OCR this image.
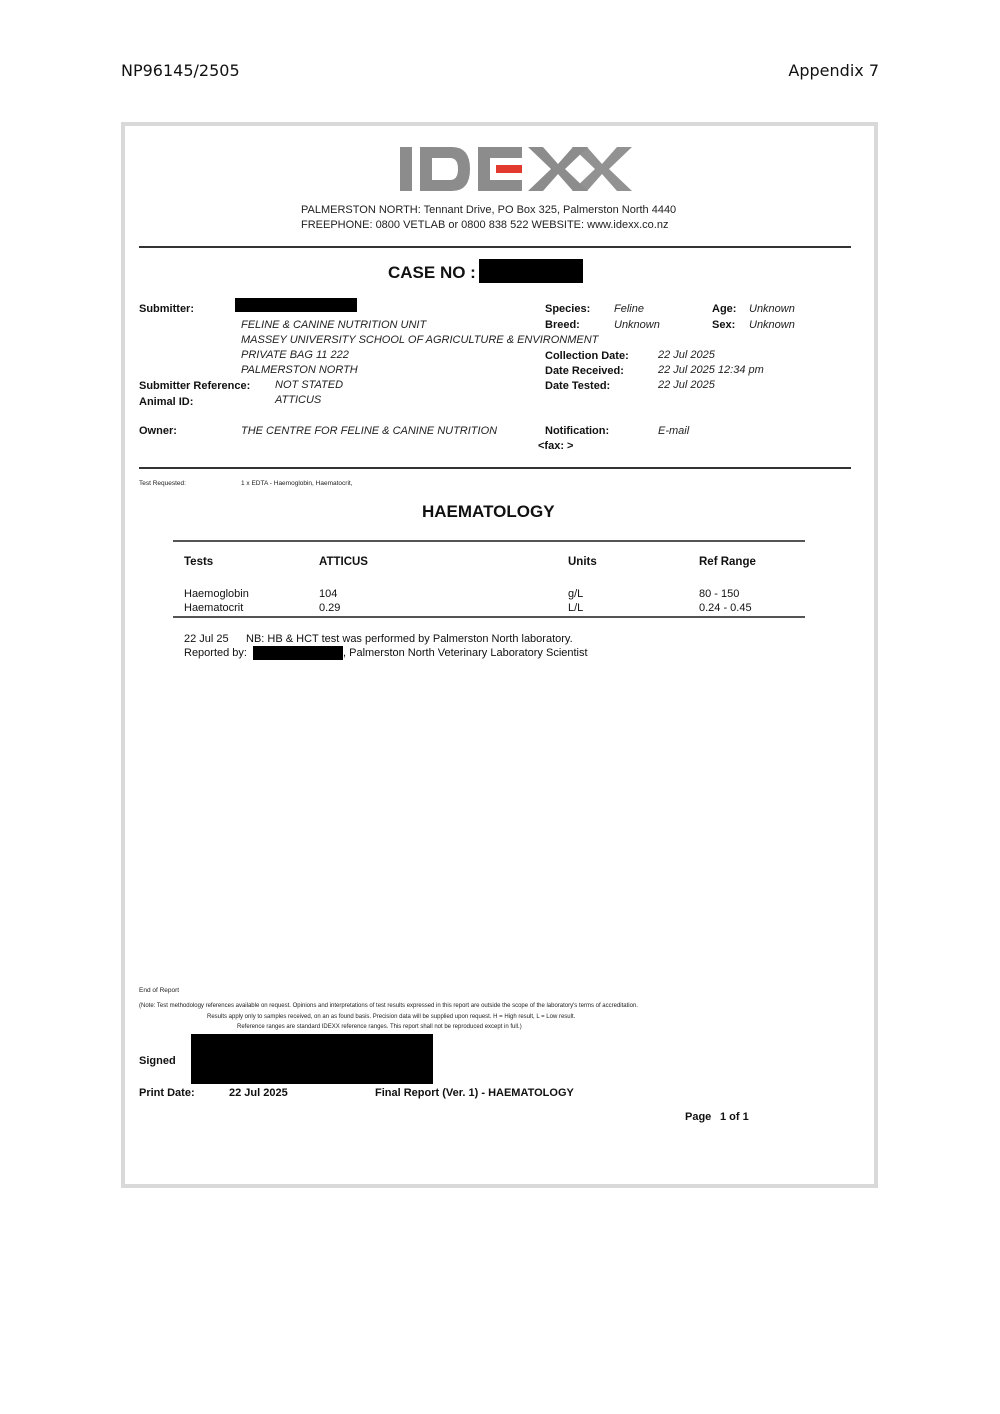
NP96145/2505	Appendix 7
PALMERSTON NORTH: Tennant Drive, PO Box 325, Palmerston North 4440
FREEPHONE: 0800 VETLAB or 0800 838 522 WEBSITE: www.idexx.co.nz
CASE NO :
Submitter:
FELINE & CANINE NUTRITION UNIT
MASSEY UNIVERSITY SCHOOL OF AGRICULTURE & ENVIRONMENT
PRIVATE BAG 11 222
PALMERSTON NORTH
Submitter Reference: NOT STATED
Animal ID:	ATTICUS
Owner:	THE CENTRE FOR FELINE & CANINE NUTRITION
Species: Feline
Breed:	Unknown
Age: Unknown
Sex: Unknown
Collection Date:	22 Jul 2025
Date Received:	22 Jul 2025 12:34 pm
Date Tested:	22 Jul 2025
Notification:	E-mail
<fax: >
Test Requested:	1 x EDTA - Haemoglobin, Haematocrit,
HAEMATOLOGY
Tests	ATTICUS	Units	Ref Range
Haemoglobin	104	g/L	80 - 150
Haematocrit	0.29	L/L	0.24 - 0.45
22 Jul 25 NB: HB & HCT test was performed by Palmerston North laboratory.
Reported by:	, Palmerston North Veterinary Laboratory Scientist
End of Report
(Note: Test methodology references available on request. Opinions and interpretations of test results expressed in this report are outside the scope of the laboratory's terms of accreditation.
Results apply only to samples received, on an as found basis. Precision data will be supplied upon request. H = High result, L = Low result.
Reference ranges are standard IDEXX reference ranges. This report shall not be reproduced except in full.)
Signed
Print Date:	22 Jul 2025	Final Report (Ver. 1) - HAEMATOLOGY
Page 1 of 1
